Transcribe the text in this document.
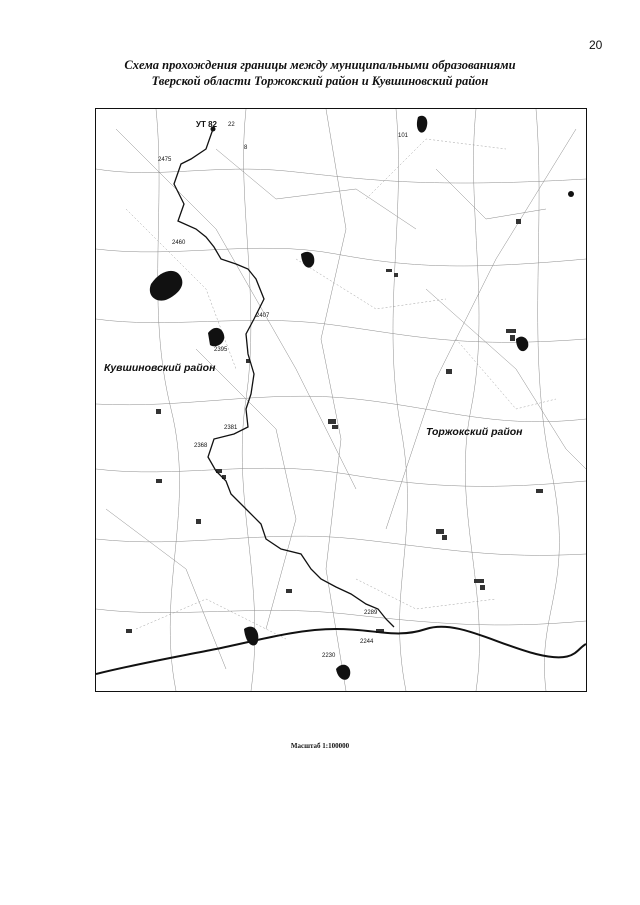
20
Схема прохождения границы между муниципальными образованиями
Тверской области Торжокский район и Кувшиновский район
УТ 82 22
2475
2460
2407
2395
2381
2368
2289
2244
2230
101
8
Кувшиновский район
Торжокский район
Масштаб 1:100000
